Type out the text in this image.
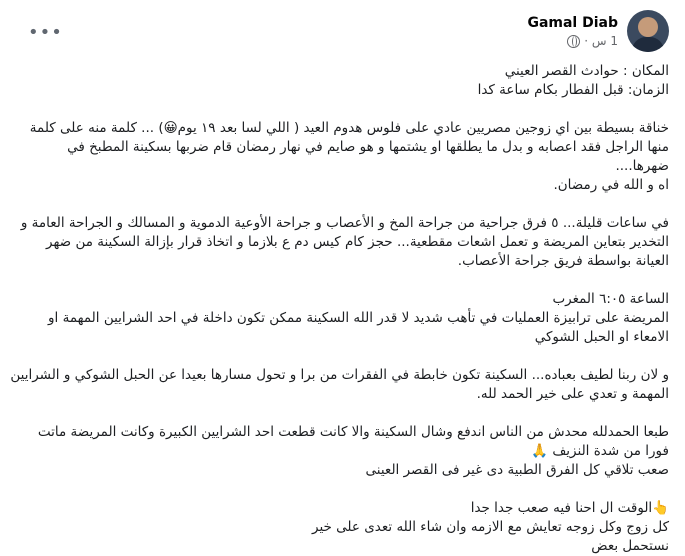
•••	Gamal Diab
1 س ·

المكان : حوادث القصر العيني

الزمان: قبل الفطار بكام ساعة كدا

خناقة بسيطة بين اي زوجين مصريين عادي على فلوس هدوم العيد ( اللي لسا بعد ١٩ يوم😀) ... كلمة منه على كلمة منها الراجل فقد اعصابه و بدل ما يطلقها او يشتمها و هو صايم في نهار رمضان قام ضربها بسكينة المطبخ في ضهرها....

اه و الله في رمضان.

في ساعات قليلة... ٥ فرق جراحية من جراحة المخ و الأعصاب و جراحة الأوعية الدموية و المسالك و الجراحة العامة و التخدير بتعاين المريضة و تعمل اشعات مقطعية... حجز كام كيس دم ع بلازما و اتخاذ قرار بإزالة السكينة من ضهر العيانة بواسطة فريق جراحة الأعصاب.

الساعة ٦:٠٥ المغرب

المريضة على ترابيزة العمليات في تأهب شديد لا قدر الله السكينة ممكن تكون داخلة في احد الشرايين المهمة او الامعاء او الحبل الشوكي

و لان ربنا لطيف بعباده... السكينة تكون خابطة في الفقرات من برا و تحول مسارها بعيدا عن الحبل الشوكي و الشرايين المهمة و تعدي على خير الحمد لله.

طبعا الحمدلله محدش من الناس اندفع وشال السكينة والا كانت قطعت احد الشرايين الكبيرة وكانت المريضة ماتت فورا من شدة النزيف 🙏

صعب تلاقي كل الفرق الطبية دى غير فى القصر العينى

👆الوقت ال احنا فيه صعب جدا جدا

كل زوج وكل زوجه تعايش مع الازمه وان شاء الله تعدى على خير

نستحمل بعض
